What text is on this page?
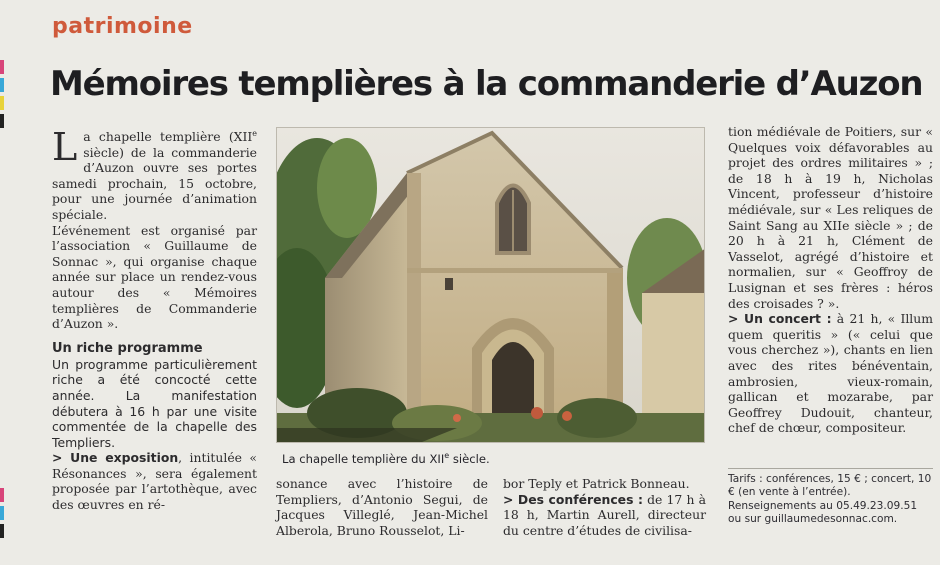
patrimoine
Mémoires templières à la commanderie d’Auzon

La chapelle templière (XIIe siècle) de la commanderie d’Auzon ouvre ses portes samedi prochain, 15 octobre, pour une journée d’animation spéciale.

L’événement est organisé par l’association « Guillaume de Sonnac », qui organise chaque année sur place un rendez-vous autour des « Mémoires templières de Commanderie d’Auzon ».

Un riche programme

Un programme particulièrement riche a été concocté cette année. La manifestation débutera à 16 h par une visite commentée de la chapelle des Templiers.

> Une exposition, intitulée « Résonances », sera également proposée par l’artothèque, avec des œuvres en ré-

La chapelle templière du XIIe siècle.

sonance avec l’histoire de Templiers, d’Antonio Segui, de Jacques Villeglé, Jean-Michel Alberola, Bruno Rousselot, Li-

bor Teply et Patrick Bonneau.

> Des conférences : de 17 h à 18 h, Martin Aurell, directeur du centre d’études de civilisa-

tion médiévale de Poitiers, sur « Quelques voix défavorables au projet des ordres militaires » ; de 18 h à 19 h, Nicholas Vincent, professeur d’histoire médiévale, sur « Les reliques de Saint Sang au XIIe siècle » ; de 20 h à 21 h, Clément de Vasselot, agrégé d’histoire et normalien, sur « Geoffroy de Lusignan et ses frères : héros des croisades ? ».

> Un concert : à 21 h, « Illum quem queritis » (« celui que vous cherchez »), chants en lien avec des rites bénéventain, ambrosien, vieux-romain, gallican et mozarabe, par Geoffrey Dudouit, chanteur, chef de chœur, compositeur.

Tarifs : conférences, 15 € ; concert, 10 € (en vente à l’entrée).

Renseignements au 05.49.23.09.51 ou sur guillaumedesonnac.com.
